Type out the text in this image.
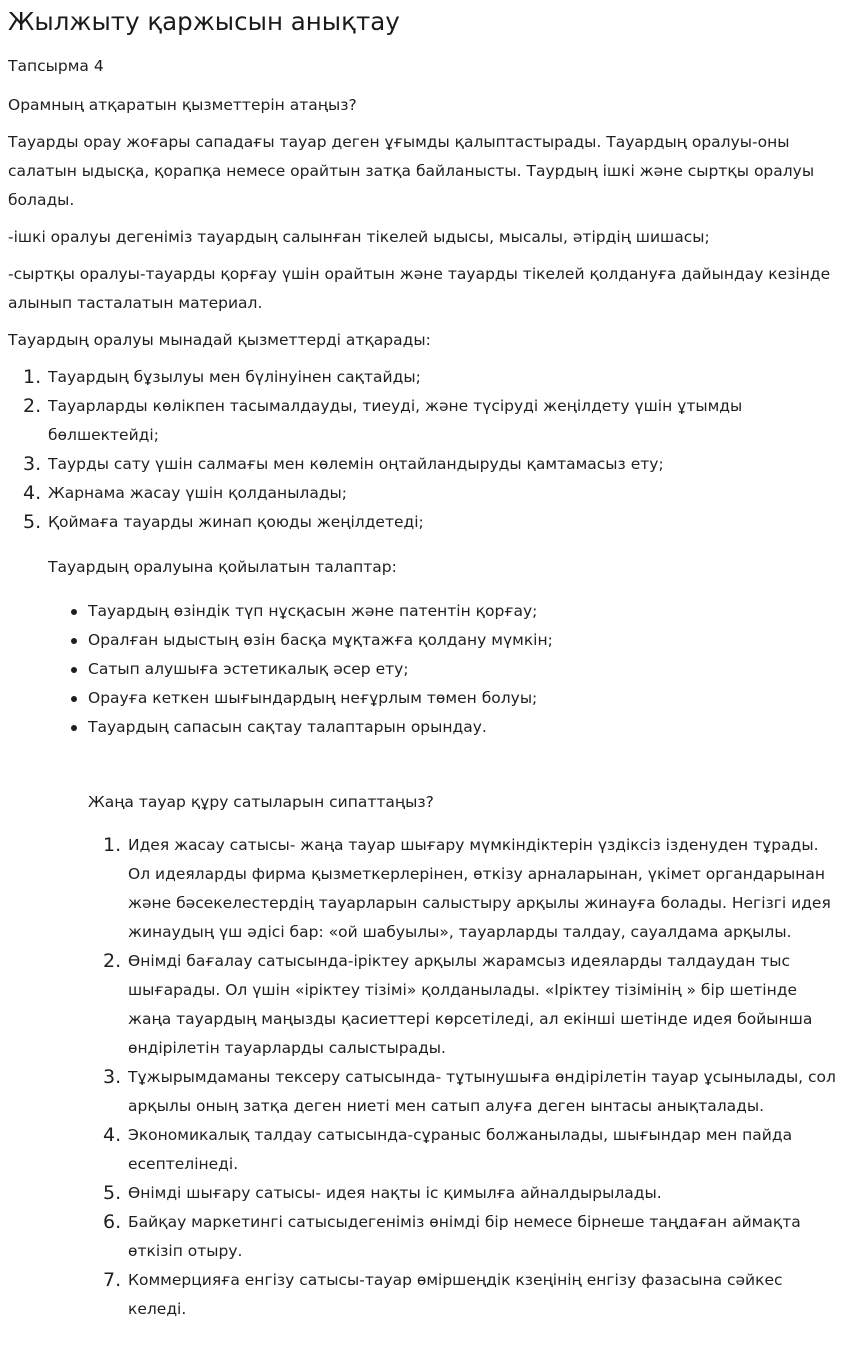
Жылжыту қаржысын анықтау

Тапсырма 4

Орамның атқаратын қызметтерін атаңыз?

Тауарды орау жоғары сападағы тауар деген ұғымды қалыптастырады. Тауардың оралуы-оны салатын ыдысқа, қорапқа немесе орайтын затқа байланысты. Таурдың ішкі және сыртқы оралуы болады.

-ішкі оралуы дегеніміз тауардың салынған тікелей ыдысы, мысалы, әтірдің шишасы;

-сыртқы оралуы-тауарды қорғау үшін орайтын және тауарды тікелей қолдануға дайындау кезінде алынып тасталатын материал.

Тауардың оралуы мынадай қызметтерді атқарады:

1. Тауардың бұзылуы мен бүлінуінен сақтайды;
2. Тауарларды көлікпен тасымалдауды, тиеуді, және түсіруді жеңілдету үшін ұтымды бөлшектейді;
3. Таурды сату үшін салмағы мен көлемін оңтайландыруды қамтамасыз ету;
4. Жарнама жасау үшін қолданылады;
5. Қоймаға тауарды жинап қоюды жеңілдетеді;

Тауардың оралуына қойылатын талаптар:

Тауардың өзіндік түп нұсқасын және патентін қорғау;
Оралған ыдыстың өзін басқа мұқтажға қолдану мүмкін;
Сатып алушыға эстетикалық әсер ету;
Орауға кеткен шығындардың неғұрлым төмен болуы;
Тауардың сапасын сақтау талаптарын орындау.

Жаңа тауар құру сатыларын сипаттаңыз?

1. Идея жасау сатысы- жаңа тауар шығару мүмкіндіктерін үздіксіз ізденуден тұрады. Ол идеяларды фирма қызметкерлерінен, өткізу арналарынан, үкімет органдарынан және бәсекелестердің тауарларын салыстыру арқылы жинауға болады. Негізгі идея жинаудың үш әдісі бар: «ой шабуылы», тауарларды талдау, сауалдама арқылы.
2. Өнімді бағалау сатысында-іріктеу арқылы жарамсыз идеяларды талдаудан тыс шығарады. Ол үшін «іріктеу тізімі» қолданылады. «Іріктеу тізімінің » бір шетінде жаңа тауардың маңызды қасиеттері көрсетіледі, ал екінші шетінде идея бойынша өндірілетін тауарларды салыстырады.
3. Тұжырымдаманы тексеру сатысында- тұтынушыға өндірілетін тауар ұсынылады, сол арқылы оның затқа деген ниеті мен сатып алуға деген ынтасы анықталады.
4. Экономикалық талдау сатысында-сұраныс болжанылады, шығындар мен пайда есептелінеді.
5. Өнімді шығару сатысы- идея нақты іс қимылға айналдырылады.
6. Байқау маркетингі сатысыдегеніміз өнімді бір немесе бірнеше таңдаған аймақта өткізіп отыру.
7. Коммерцияға енгізу сатысы-тауар өміршеңдік кзеңінің енгізу фазасына сәйкес келеді.
